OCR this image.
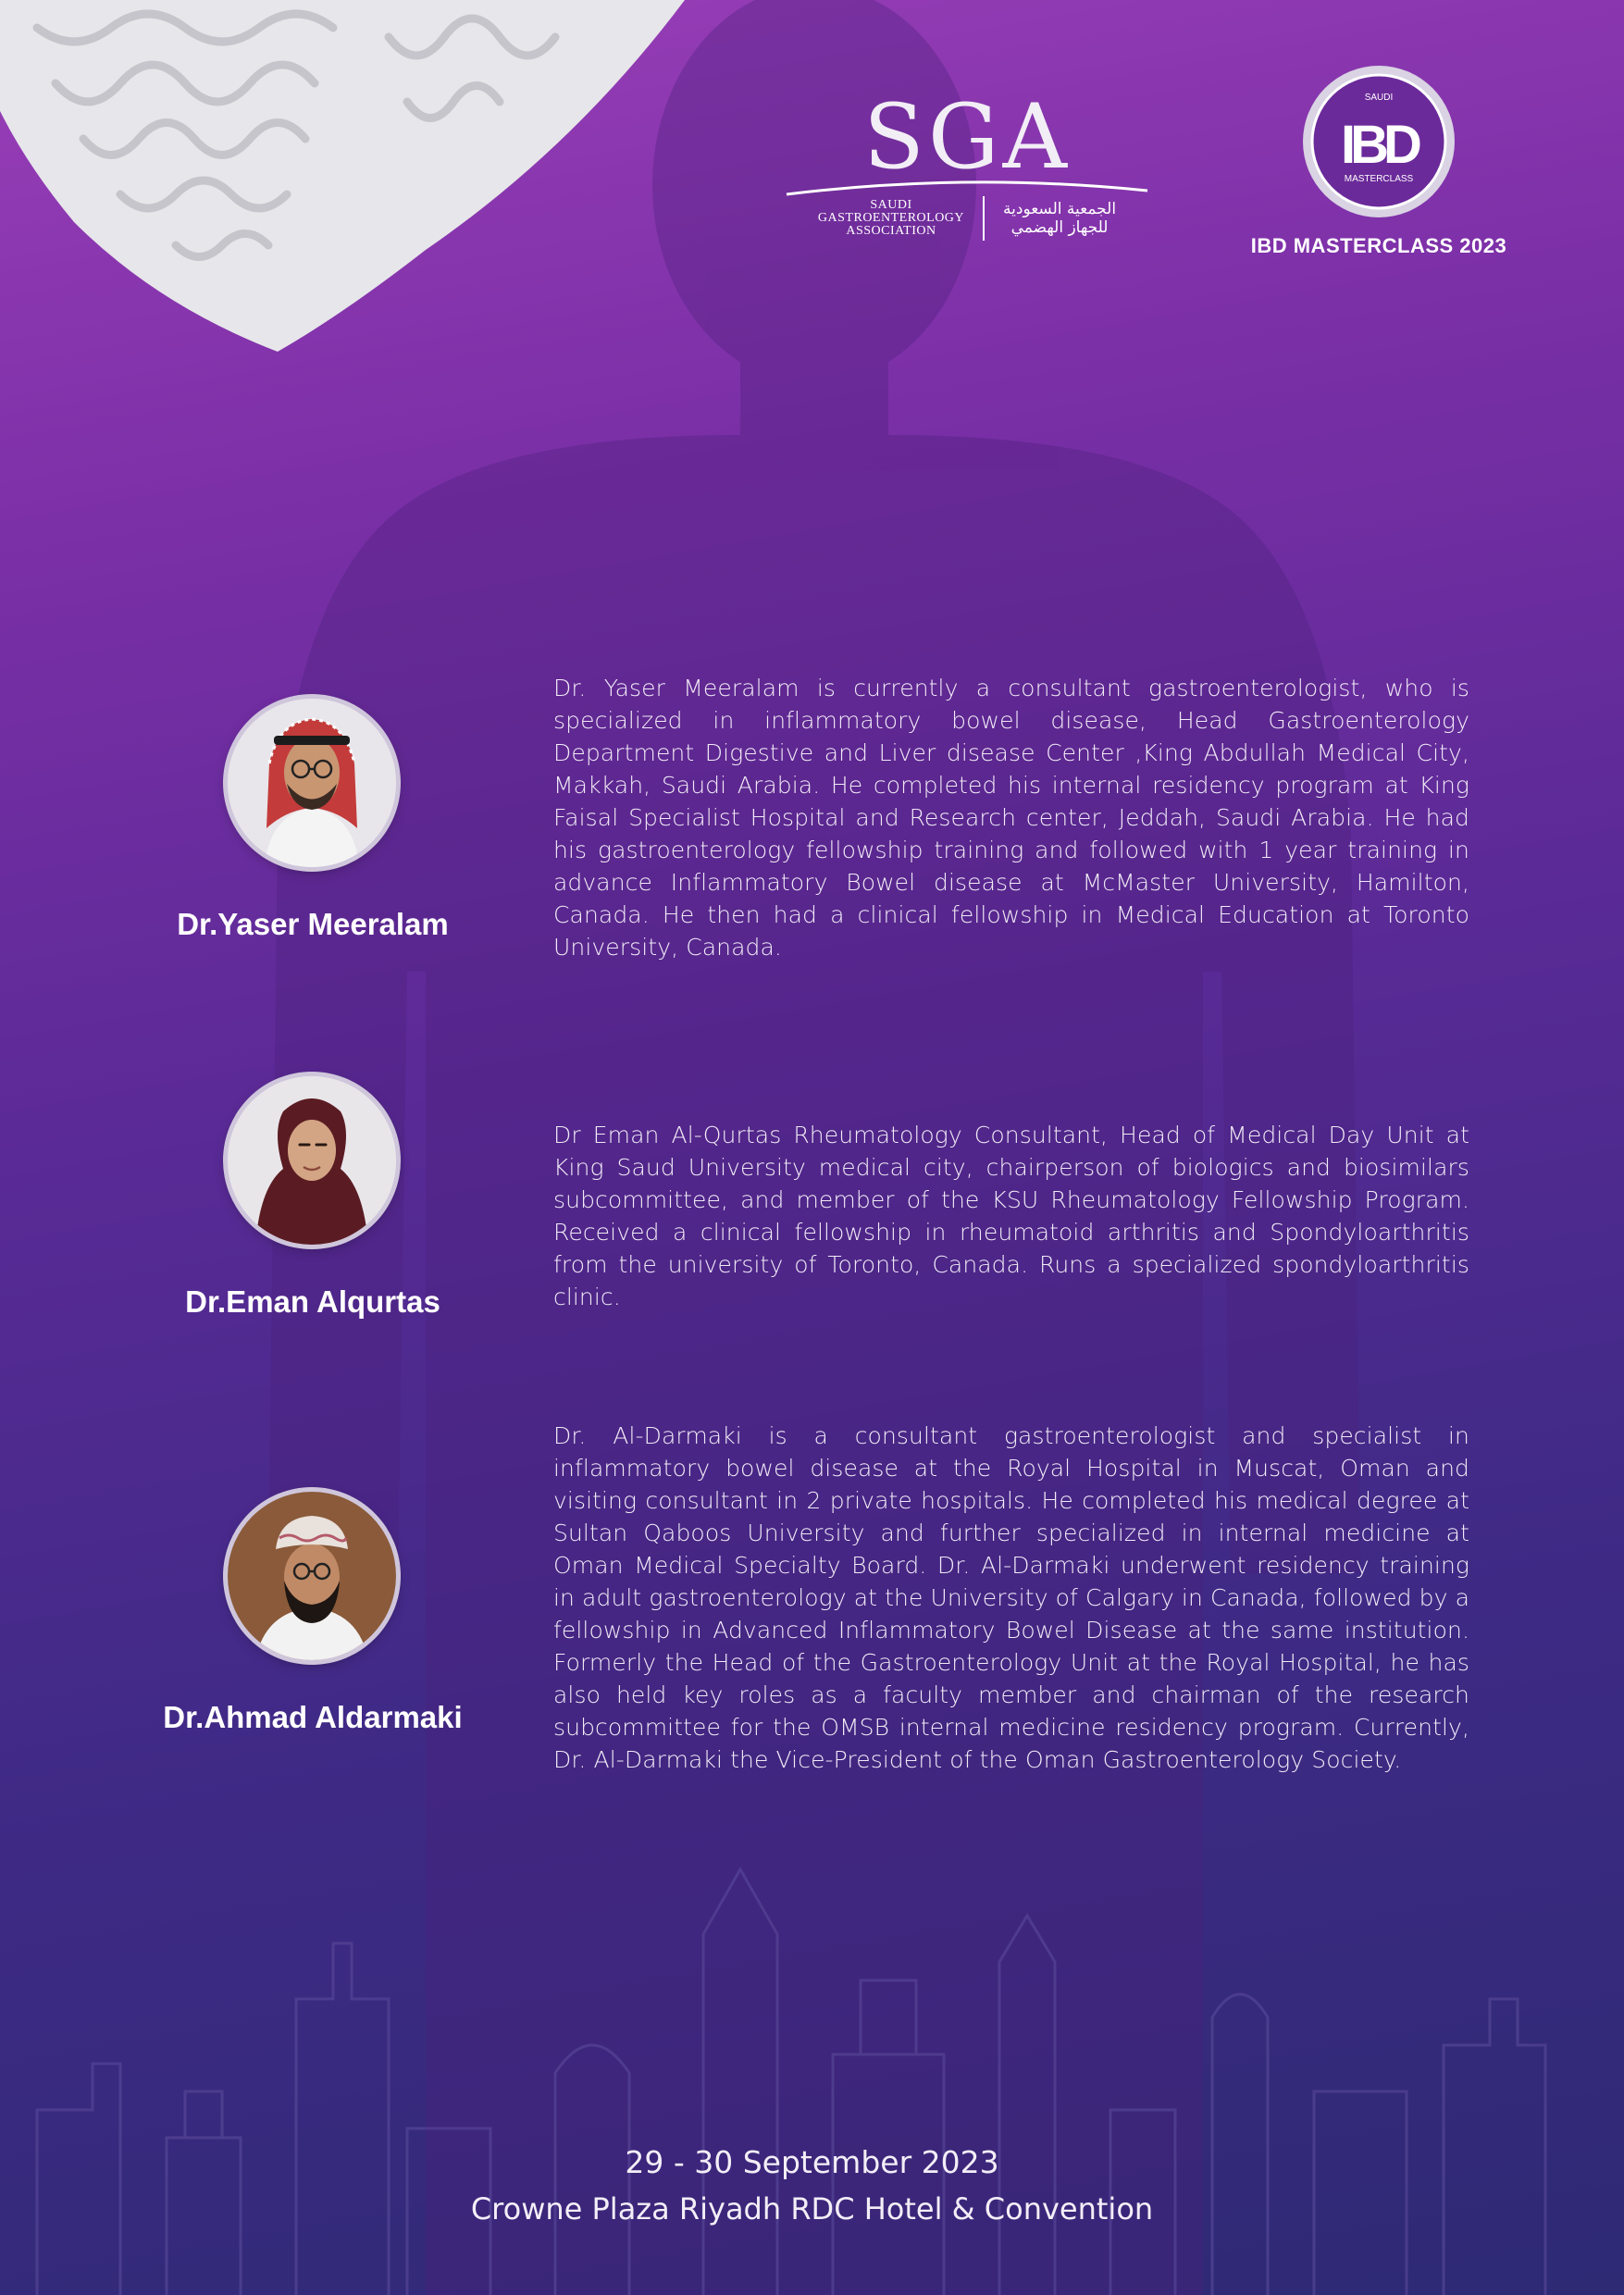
SGA
SAUDI
GASTROENTEROLOGY
ASSOCIATION
الجمعية السعودية
للجهاز الهضمي
SAUDI
IBD
MASTERCLASS
IBD MASTERCLASS 2023
Dr.Yaser Meeralam
Dr. Yaser Meeralam is currently a consultant gastroenterologist, who is specialized in inflammatory bowel disease, Head Gastroenterology Department Digestive and Liver disease Center ,King Abdullah Medical City, Makkah, Saudi Arabia. He completed his internal residency program at King Faisal Specialist Hospital and Research center, Jeddah, Saudi Arabia. He had his gastroenterology fellowship training and followed with 1 year training in advance Inflammatory Bowel disease at McMaster University, Hamilton, Canada. He then had a clinical fellowship in Medical Education at Toronto University, Canada.
Dr.Eman Alqurtas
Dr Eman Al-Qurtas Rheumatology Consultant, Head of Medical Day Unit at King Saud University medical city, chairperson of biologics and biosimilars subcommittee, and member of the KSU Rheumatology Fellowship Program. Received a clinical fellowship in rheumatoid arthritis and Spondyloarthritis from the university of Toronto, Canada. Runs a specialized spondyloarthritis clinic.
Dr.Ahmad Aldarmaki
Dr. Al-Darmaki is a consultant gastroenterologist and specialist in inflammatory bowel disease at the Royal Hospital in Muscat, Oman and visiting consultant in 2 private hospitals. He completed his medical degree at Sultan Qaboos University and further specialized in internal medicine at Oman Medical Specialty Board. Dr. Al-Darmaki underwent residency training in adult gastroenterology at the University of Calgary in Canada, followed by a fellowship in Advanced Inflammatory Bowel Disease at the same institution. Formerly the Head of the Gastroenterology Unit at the Royal Hospital, he has also held key roles as a faculty member and chairman of the research subcommittee for the OMSB internal medicine residency program. Currently, Dr. Al-Darmaki the Vice-President of the Oman Gastroenterology Society.
29 - 30 September 2023
Crowne Plaza Riyadh RDC Hotel & Convention
